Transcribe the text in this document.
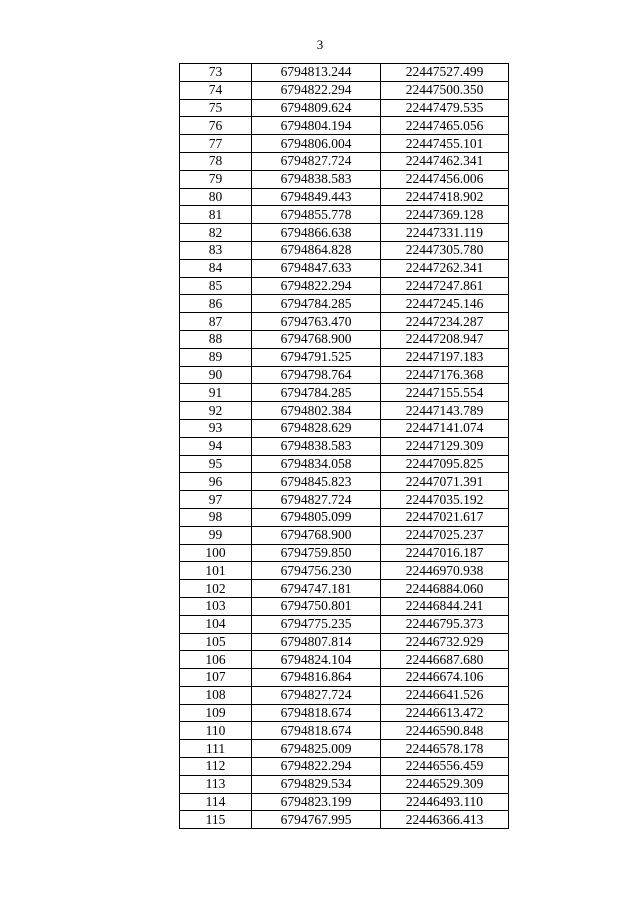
3
73	6794813.244	22447527.499
74	6794822.294	22447500.350
75	6794809.624	22447479.535
76	6794804.194	22447465.056
77	6794806.004	22447455.101
78	6794827.724	22447462.341
79	6794838.583	22447456.006
80	6794849.443	22447418.902
81	6794855.778	22447369.128
82	6794866.638	22447331.119
83	6794864.828	22447305.780
84	6794847.633	22447262.341
85	6794822.294	22447247.861
86	6794784.285	22447245.146
87	6794763.470	22447234.287
88	6794768.900	22447208.947
89	6794791.525	22447197.183
90	6794798.764	22447176.368
91	6794784.285	22447155.554
92	6794802.384	22447143.789
93	6794828.629	22447141.074
94	6794838.583	22447129.309
95	6794834.058	22447095.825
96	6794845.823	22447071.391
97	6794827.724	22447035.192
98	6794805.099	22447021.617
99	6794768.900	22447025.237
100	6794759.850	22447016.187
101	6794756.230	22446970.938
102	6794747.181	22446884.060
103	6794750.801	22446844.241
104	6794775.235	22446795.373
105	6794807.814	22446732.929
106	6794824.104	22446687.680
107	6794816.864	22446674.106
108	6794827.724	22446641.526
109	6794818.674	22446613.472
110	6794818.674	22446590.848
111	6794825.009	22446578.178
112	6794822.294	22446556.459
113	6794829.534	22446529.309
114	6794823.199	22446493.110
115	6794767.995	22446366.413
